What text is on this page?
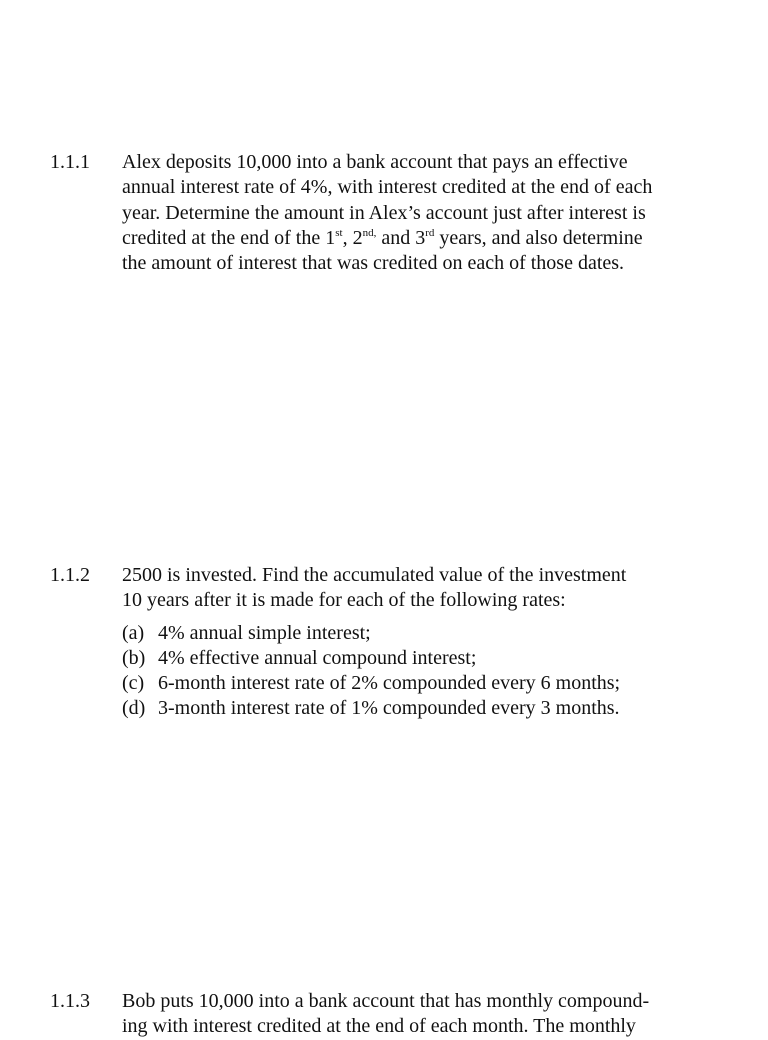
1.1.1 Alex deposits 10,000 into a bank account that pays an effective
annual interest rate of 4%, with interest credited at the end of each
year. Determine the amount in Alex’s account just after interest is
credited at the end of the 1st, $2^{nd,}$ and 3rd years, and also determine
the amount of interest that was credited on each of those dates.
1.1.2 2500 is invested. Find the accumulated value of the investment
10 years after it is made for each of the following rates:
(a) 4% annual simple interest;
(b) 4% effective annual compound interest;
(c) 6-month interest rate of 2% compounded every 6 months;
(d) 3-month interest rate of 1% compounded every 3 months.
1.1.3 Bob puts 10,000 into a bank account that has monthly compound-
ing with interest credited at the end of each month. The monthly
